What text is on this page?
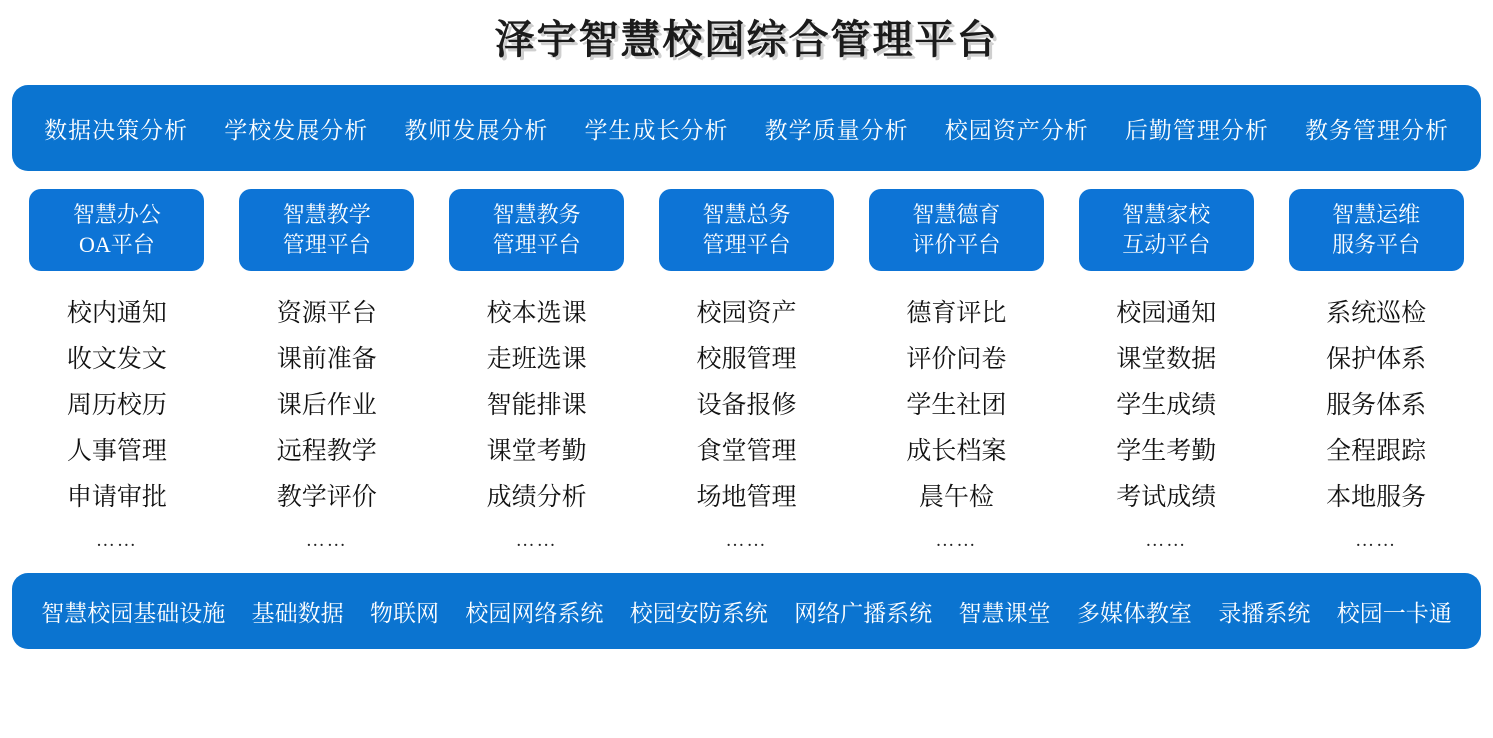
泽宇智慧校园综合管理平台
数据决策分析 学校发展分析 教师发展分析 学生成长分析 教学质量分析 校园资产分析 后勤管理分析 教务管理分析
智慧办公
OA平台
校内通知
收文发文
周历校历
人事管理
申请审批
……
智慧教学
管理平台
资源平台
课前准备
课后作业
远程教学
教学评价
……
智慧教务
管理平台
校本选课
走班选课
智能排课
课堂考勤
成绩分析
……
智慧总务
管理平台
校园资产
校服管理
设备报修
食堂管理
场地管理
……
智慧德育
评价平台
德育评比
评价问卷
学生社团
成长档案
晨午检
……
智慧家校
互动平台
校园通知
课堂数据
学生成绩
学生考勤
考试成绩
……
智慧运维
服务平台
系统巡检
保护体系
服务体系
全程跟踪
本地服务
……
智慧校园基础设施 基础数据 物联网 校园网络系统 校园安防系统 网络广播系统 智慧课堂 多媒体教室 录播系统 校园一卡通
